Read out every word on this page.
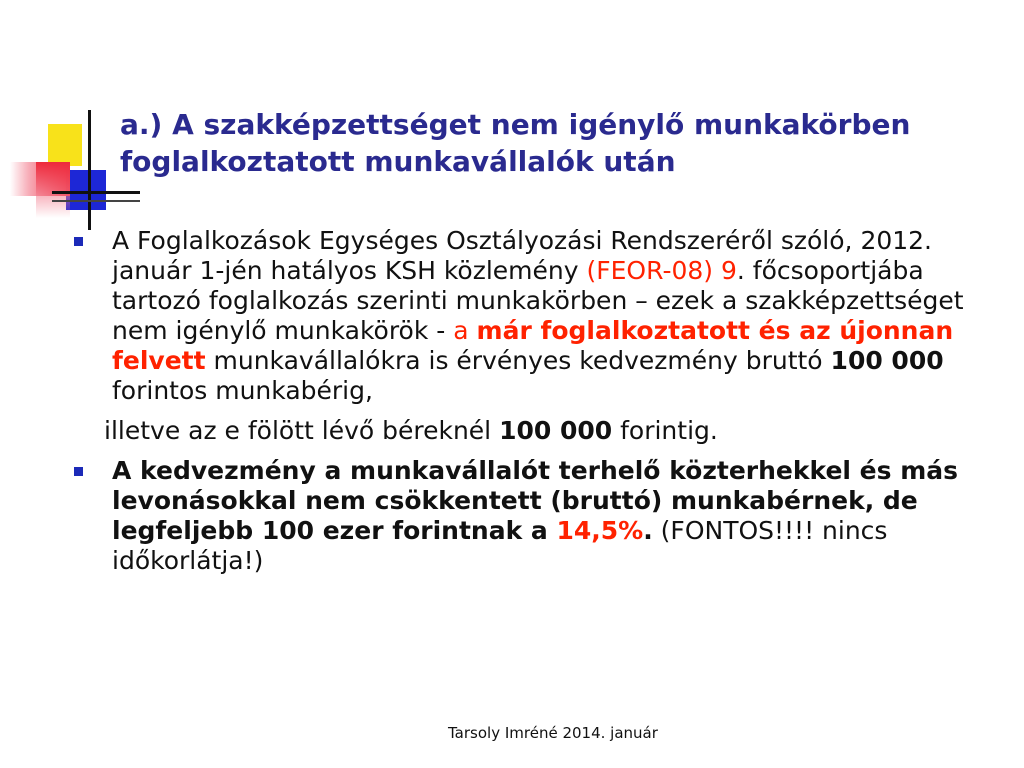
a.) A szakképzettséget nem igénylő munkakörben
foglalkoztatott munkavállalók után

A Foglalkozások Egységes Osztályozási Rendszeréről szóló, 2012. január 1-jén hatályos KSH közlemény (FEOR-08) 9. főcsoportjába tartozó foglalkozás szerinti munkakörben – ezek a szakképzettséget nem igénylő munkakörök - a már foglalkoztatott és az újonnan felvett munkavállalókra is érvényes kedvezmény bruttó 100 000 forintos munkabérig,

illetve az e fölött lévő béreknél 100 000 forintig.

A kedvezmény a munkavállalót terhelő közterhekkel és más levonásokkal nem csökkentett (bruttó) munkabérnek, de legfeljebb 100 ezer forintnak a 14,5%. (FONTOS!!!! nincs időkorlátja!)

Tarsoly Imréné 2014. január
